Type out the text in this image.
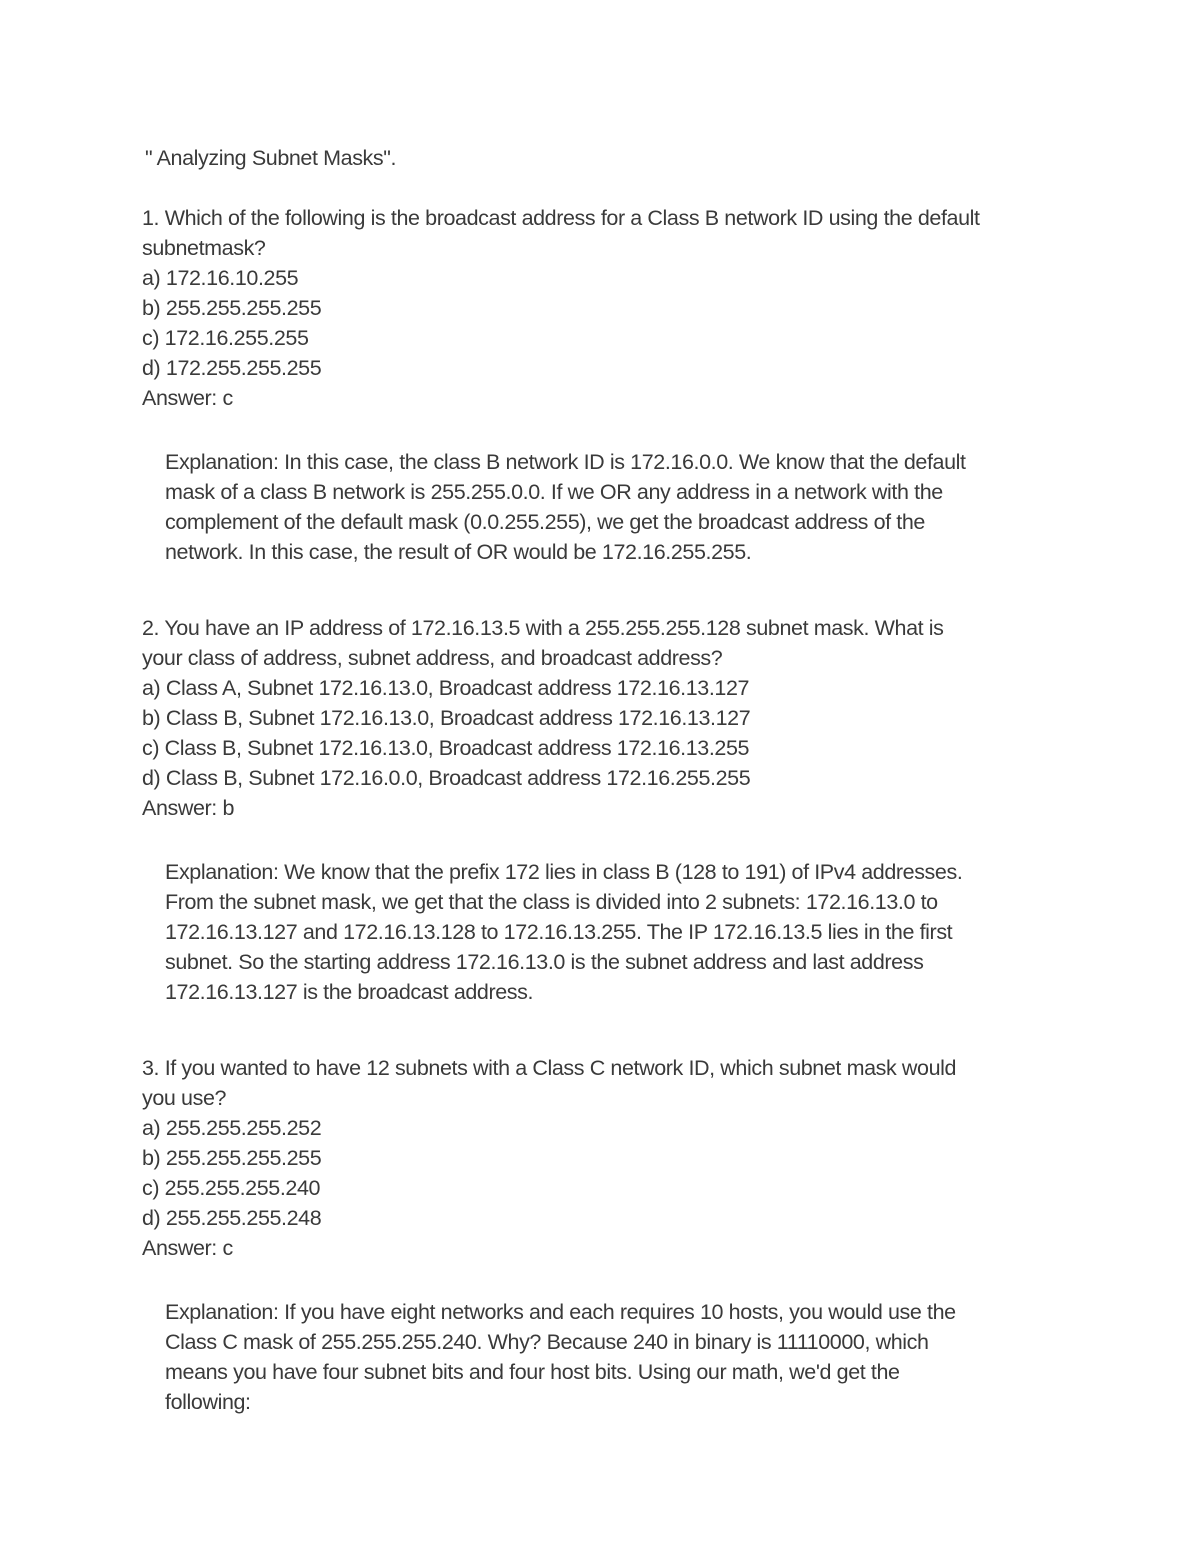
" Analyzing Subnet Masks".
1. Which of the following is the broadcast address for a Class B network ID using the default
subnetmask?
a) 172.16.10.255
b) 255.255.255.255
c) 172.16.255.255
d) 172.255.255.255
Answer: c
Explanation: In this case, the class B network ID is 172.16.0.0. We know that the default
mask of a class B network is 255.255.0.0. If we OR any address in a network with the
complement of the default mask (0.0.255.255), we get the broadcast address of the
network. In this case, the result of OR would be 172.16.255.255.
2. You have an IP address of 172.16.13.5 with a 255.255.255.128 subnet mask. What is
your class of address, subnet address, and broadcast address?
a) Class A, Subnet 172.16.13.0, Broadcast address 172.16.13.127
b) Class B, Subnet 172.16.13.0, Broadcast address 172.16.13.127
c) Class B, Subnet 172.16.13.0, Broadcast address 172.16.13.255
d) Class B, Subnet 172.16.0.0, Broadcast address 172.16.255.255
Answer: b
Explanation: We know that the prefix 172 lies in class B (128 to 191) of IPv4 addresses.
From the subnet mask, we get that the class is divided into 2 subnets: 172.16.13.0 to
172.16.13.127 and 172.16.13.128 to 172.16.13.255. The IP 172.16.13.5 lies in the first
subnet. So the starting address 172.16.13.0 is the subnet address and last address
172.16.13.127 is the broadcast address.
3. If you wanted to have 12 subnets with a Class C network ID, which subnet mask would
you use?
a) 255.255.255.252
b) 255.255.255.255
c) 255.255.255.240
d) 255.255.255.248
Answer: c
Explanation: If you have eight networks and each requires 10 hosts, you would use the
Class C mask of 255.255.255.240. Why? Because 240 in binary is 11110000, which
means you have four subnet bits and four host bits. Using our math, we'd get the
following:
